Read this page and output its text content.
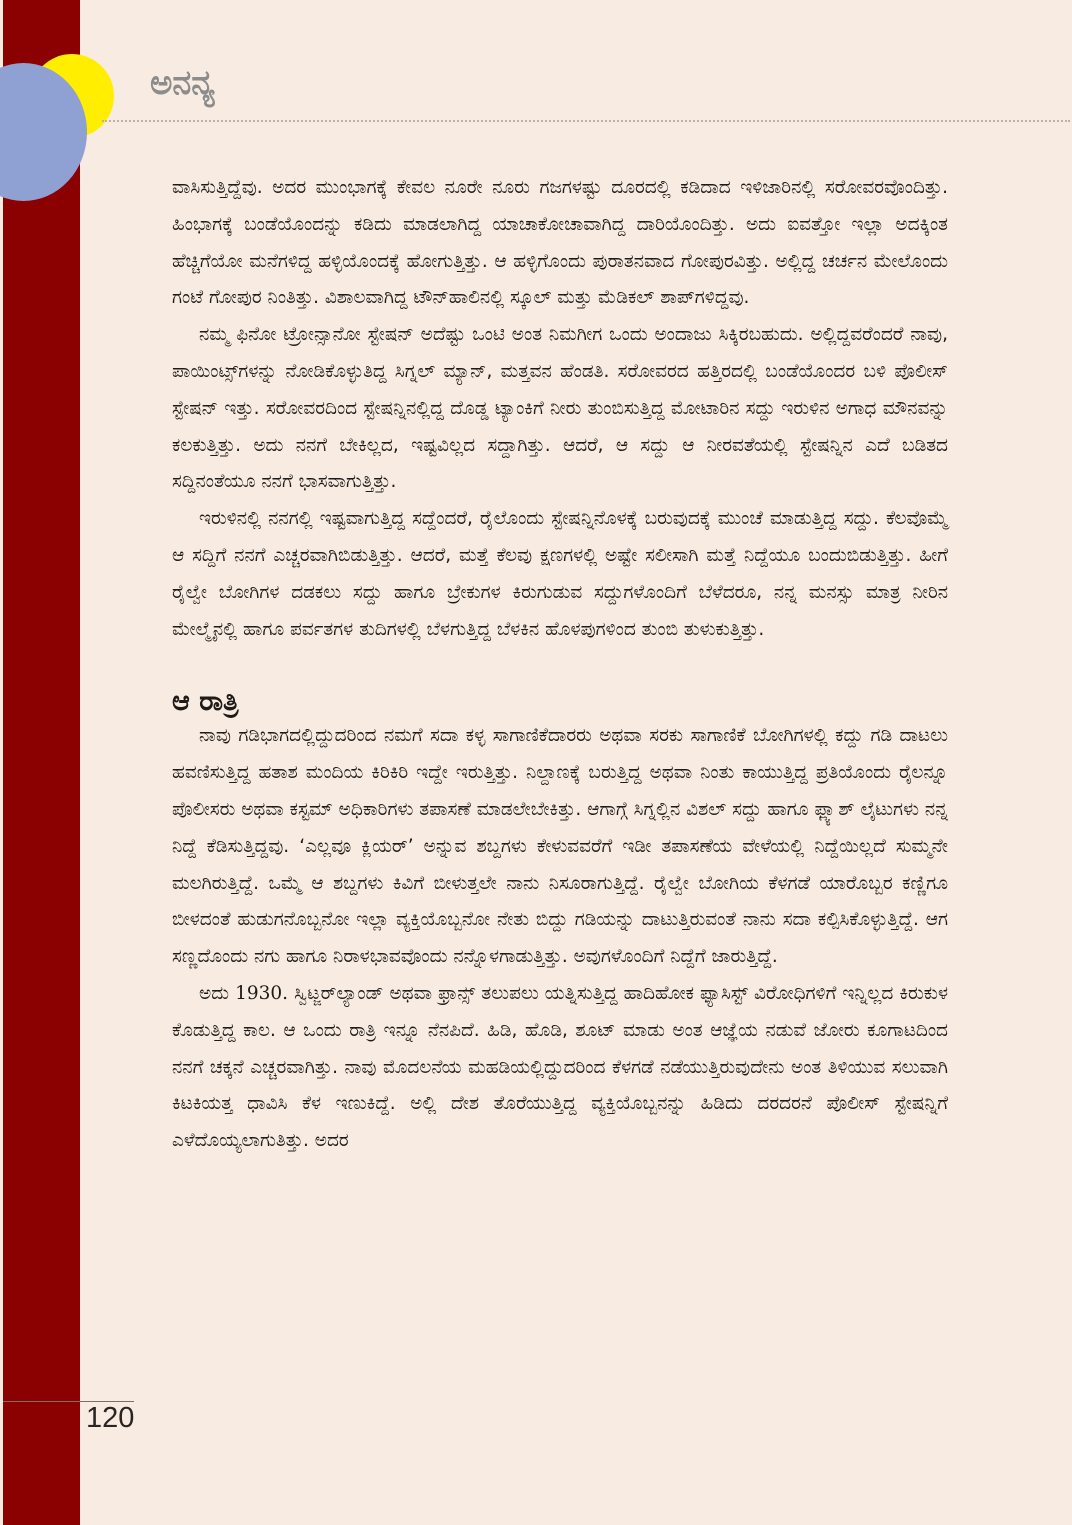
ಅನನ್ಯ

ವಾಸಿಸುತ್ತಿದ್ದೆವು. ಅದರ ಮುಂಭಾಗಕ್ಕೆ ಕೇವಲ ನೂರೇ ನೂರು ಗಜಗಳಷ್ಟು ದೂರದಲ್ಲಿ ಕಡಿದಾದ ಇಳಿಜಾರಿನಲ್ಲಿ ಸರೋವರವೊಂದಿತ್ತು. ಹಿಂಭಾಗಕ್ಕೆ ಬಂಡೆಯೊಂದನ್ನು ಕಡಿದು ಮಾಡಲಾಗಿದ್ದ ಯಾಚಾಕೋಚಾವಾಗಿದ್ದ ದಾರಿಯೊಂದಿತ್ತು. ಅದು ಐವತ್ತೋ ಇಲ್ಲಾ ಅದಕ್ಕಿಂತ ಹೆಚ್ಚಿಗೆಯೋ ಮನೆಗಳಿದ್ದ ಹಳ್ಳಿಯೊಂದಕ್ಕೆ ಹೋಗುತ್ತಿತ್ತು. ಆ ಹಳ್ಳಿಗೊಂದು ಪುರಾತನವಾದ ಗೋಪುರವಿತ್ತು. ಅಲ್ಲಿದ್ದ ಚರ್ಚನ ಮೇಲೊಂದು ಗಂಟೆ ಗೋಪುರ ನಿಂತಿತ್ತು. ವಿಶಾಲವಾಗಿದ್ದ ಟೌನ್‌ಹಾಲಿನಲ್ಲಿ ಸ್ಕೂಲ್ ಮತ್ತು ಮೆಡಿಕಲ್ ಶಾಪ್‌ಗಳಿದ್ದವು.

ನಮ್ಮ ಫಿನೋ ಟ್ರೋನ್ಸಾನೋ ಸ್ಟೇಷನ್ ಅದೆಷ್ಟು ಒಂಟಿ ಅಂತ ನಿಮಗೀಗ ಒಂದು ಅಂದಾಜು ಸಿಕ್ಕಿರಬಹುದು. ಅಲ್ಲಿದ್ದವರೆಂದರೆ ನಾವು, ಪಾಯಿಂಟ್ಸ್‌ಗಳನ್ನು ನೋಡಿಕೊಳ್ಳುತಿದ್ದ ಸಿಗ್ನಲ್ ಮ್ಯಾನ್, ಮತ್ತವನ ಹೆಂಡತಿ. ಸರೋವರದ ಹತ್ತಿರದಲ್ಲಿ ಬಂಡೆಯೊಂದರ ಬಳಿ ಪೊಲೀಸ್ ಸ್ಟೇಷನ್ ಇತ್ತು. ಸರೋವರದಿಂದ ಸ್ಟೇಷನ್ನಿನಲ್ಲಿದ್ದ ದೊಡ್ಡ ಟ್ಯಾಂಕಿಗೆ ನೀರು ತುಂಬಿಸುತ್ತಿದ್ದ ಮೋಟಾರಿನ ಸದ್ದು ಇರುಳಿನ ಅಗಾಧ ಮೌನವನ್ನು ಕಲಕುತ್ತಿತ್ತು. ಅದು ನನಗೆ ಬೇಕಿಲ್ಲದ, ಇಷ್ಟವಿಲ್ಲದ ಸದ್ದಾಗಿತ್ತು. ಆದರೆ, ಆ ಸದ್ದು ಆ ನೀರವತೆಯಲ್ಲಿ ಸ್ಟೇಷನ್ನಿನ ಎದೆ ಬಡಿತದ ಸದ್ದಿನಂತೆಯೂ ನನಗೆ ಭಾಸವಾಗುತ್ತಿತ್ತು.

ಇರುಳಿನಲ್ಲಿ ನನಗಲ್ಲಿ ಇಷ್ಟವಾಗುತ್ತಿದ್ದ ಸದ್ದೆಂದರೆ, ರೈಲೊಂದು ಸ್ಟೇಷನ್ನಿನೊಳಕ್ಕೆ ಬರುವುದಕ್ಕೆ ಮುಂಚೆ ಮಾಡುತ್ತಿದ್ದ ಸದ್ದು. ಕೆಲವೊಮ್ಮೆ ಆ ಸದ್ದಿಗೆ ನನಗೆ ಎಚ್ಚರವಾಗಿಬಿಡುತ್ತಿತ್ತು. ಆದರೆ, ಮತ್ತೆ ಕೆಲವು ಕ್ಷಣಗಳಲ್ಲಿ ಅಷ್ಟೇ ಸಲೀಸಾಗಿ ಮತ್ತೆ ನಿದ್ದೆಯೂ ಬಂದುಬಿಡುತ್ತಿತ್ತು. ಹೀಗೆ ರೈಲ್ವೇ ಬೋಗಿಗಳ ದಡಕಲು ಸದ್ದು ಹಾಗೂ ಬ್ರೇಕುಗಳ ಕಿರುಗುಡುವ ಸದ್ದುಗಳೊಂದಿಗೆ ಬೆಳೆದರೂ, ನನ್ನ ಮನಸ್ಸು ಮಾತ್ರ ನೀರಿನ ಮೇಲ್ಮೈನಲ್ಲಿ ಹಾಗೂ ಪರ್ವತಗಳ ತುದಿಗಳಲ್ಲಿ ಬೆಳಗುತ್ತಿದ್ದ ಬೆಳಕಿನ ಹೊಳಪುಗಳಿಂದ ತುಂಬಿ ತುಳುಕುತ್ತಿತ್ತು.

ಆ ರಾತ್ರಿ

ನಾವು ಗಡಿಭಾಗದಲ್ಲಿದ್ದುದರಿಂದ ನಮಗೆ ಸದಾ ಕಳ್ಳ ಸಾಗಾಣಿಕೆದಾರರು ಅಥವಾ ಸರಕು ಸಾಗಾಣಿಕೆ ಬೋಗಿಗಳಲ್ಲಿ ಕದ್ದು ಗಡಿ ದಾಟಲು ಹವಣಿಸುತ್ತಿದ್ದ ಹತಾಶ ಮಂದಿಯ ಕಿರಿಕಿರಿ ಇದ್ದೇ ಇರುತ್ತಿತ್ತು. ನಿಲ್ದಾಣಕ್ಕೆ ಬರುತ್ತಿದ್ದ ಅಥವಾ ನಿಂತು ಕಾಯುತ್ತಿದ್ದ ಪ್ರತಿಯೊಂದು ರೈಲನ್ನೂ ಪೊಲೀಸರು ಅಥವಾ ಕಸ್ಟಮ್ ಅಧಿಕಾರಿಗಳು ತಪಾಸಣೆ ಮಾಡಲೇಬೇಕಿತ್ತು. ಆಗಾಗ್ಗೆ ಸಿಗ್ನಲ್ಲಿನ ವಿಶಲ್ ಸದ್ದು ಹಾಗೂ ಫ್ಲ್ಯಾಶ್ ಲೈಟುಗಳು ನನ್ನ ನಿದ್ದೆ ಕೆಡಿಸುತ್ತಿದ್ದವು. ‘ಎಲ್ಲವೂ ಕ್ಲಿಯರ್’ ಅನ್ನುವ ಶಬ್ದಗಳು ಕೇಳುವವರೆಗೆ ಇಡೀ ತಪಾಸಣೆಯ ವೇಳೆಯಲ್ಲಿ ನಿದ್ದೆಯಿಲ್ಲದೆ ಸುಮ್ಮನೇ ಮಲಗಿರುತ್ತಿದ್ದೆ. ಒಮ್ಮೆ ಆ ಶಬ್ದಗಳು ಕಿವಿಗೆ ಬೀಳುತ್ತಲೇ ನಾನು ನಿಸೂರಾಗುತ್ತಿದ್ದೆ. ರೈಲ್ವೇ ಬೋಗಿಯ ಕೆಳಗಡೆ ಯಾರೊಬ್ಬರ ಕಣ್ಣಿಗೂ ಬೀಳದಂತೆ ಹುಡುಗನೊಬ್ಬನೋ ಇಲ್ಲಾ ವ್ಯಕ್ತಿಯೊಬ್ಬನೋ ನೇತು ಬಿದ್ದು ಗಡಿಯನ್ನು ದಾಟುತ್ತಿರುವಂತೆ ನಾನು ಸದಾ ಕಲ್ಪಿಸಿಕೊಳ್ಳುತ್ತಿದ್ದೆ. ಆಗ ಸಣ್ಣದೊಂದು ನಗು ಹಾಗೂ ನಿರಾಳಭಾವವೊಂದು ನನ್ನೊಳಗಾಡುತ್ತಿತ್ತು. ಅವುಗಳೊಂದಿಗೆ ನಿದ್ದೆಗೆ ಜಾರುತ್ತಿದ್ದೆ.

ಅದು 1930. ಸ್ವಿಟ್ಜರ್‌ಲ್ಯಾಂಡ್ ಅಥವಾ ಫ್ರಾನ್ಸ್ ತಲುಪಲು ಯತ್ನಿಸುತ್ತಿದ್ದ ಹಾದಿಹೋಕ ಫ್ಯಾಸಿಸ್ಟ್ ವಿರೋಧಿಗಳಿಗೆ ಇನ್ನಿಲ್ಲದ ಕಿರುಕುಳ ಕೊಡುತ್ತಿದ್ದ ಕಾಲ. ಆ ಒಂದು ರಾತ್ರಿ ಇನ್ನೂ ನೆನಪಿದೆ. ಹಿಡಿ, ಹೊಡಿ, ಶೂಟ್ ಮಾಡು ಅಂತ ಆಜ್ಞೆಯ ನಡುವೆ ಜೋರು ಕೂಗಾಟದಿಂದ ನನಗೆ ಚಕ್ಕನೆ ಎಚ್ಚರವಾಗಿತ್ತು. ನಾವು ಮೊದಲನೆಯ ಮಹಡಿಯಲ್ಲಿದ್ದುದರಿಂದ ಕೆಳಗಡೆ ನಡೆಯುತ್ತಿರುವುದೇನು ಅಂತ ತಿಳಿಯುವ ಸಲುವಾಗಿ ಕಿಟಕಿಯತ್ತ ಧಾವಿಸಿ ಕೆಳ ಇಣುಕಿದ್ದೆ. ಅಲ್ಲಿ ದೇಶ ತೊರೆಯುತ್ತಿದ್ದ ವ್ಯಕ್ತಿಯೊಬ್ಬನನ್ನು ಹಿಡಿದು ದರದರನೆ ಪೊಲೀಸ್ ಸ್ಟೇಷನ್ನಿಗೆ ಎಳೆದೊಯ್ಯಲಾಗುತಿತ್ತು. ಅದರ

120
